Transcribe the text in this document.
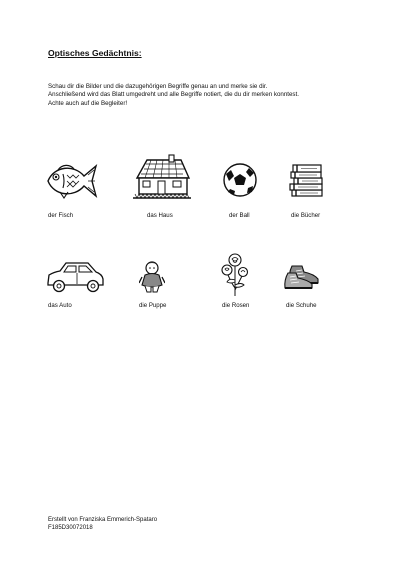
Optisches Gedächtnis:
Schau dir die Bilder und die dazugehörigen Begriffe genau an und merke sie dir.
Anschließend wird das Blatt umgedreht und alle Begriffe notiert, die du dir merken konntest.
Achte auch auf die Begleiter!
der Fisch	das Haus	der Ball	die Bücher
das Auto	die Puppe	die Rosen	die Schuhe
Erstellt von Franziska Emmerich-Spataro
F185D30072018
